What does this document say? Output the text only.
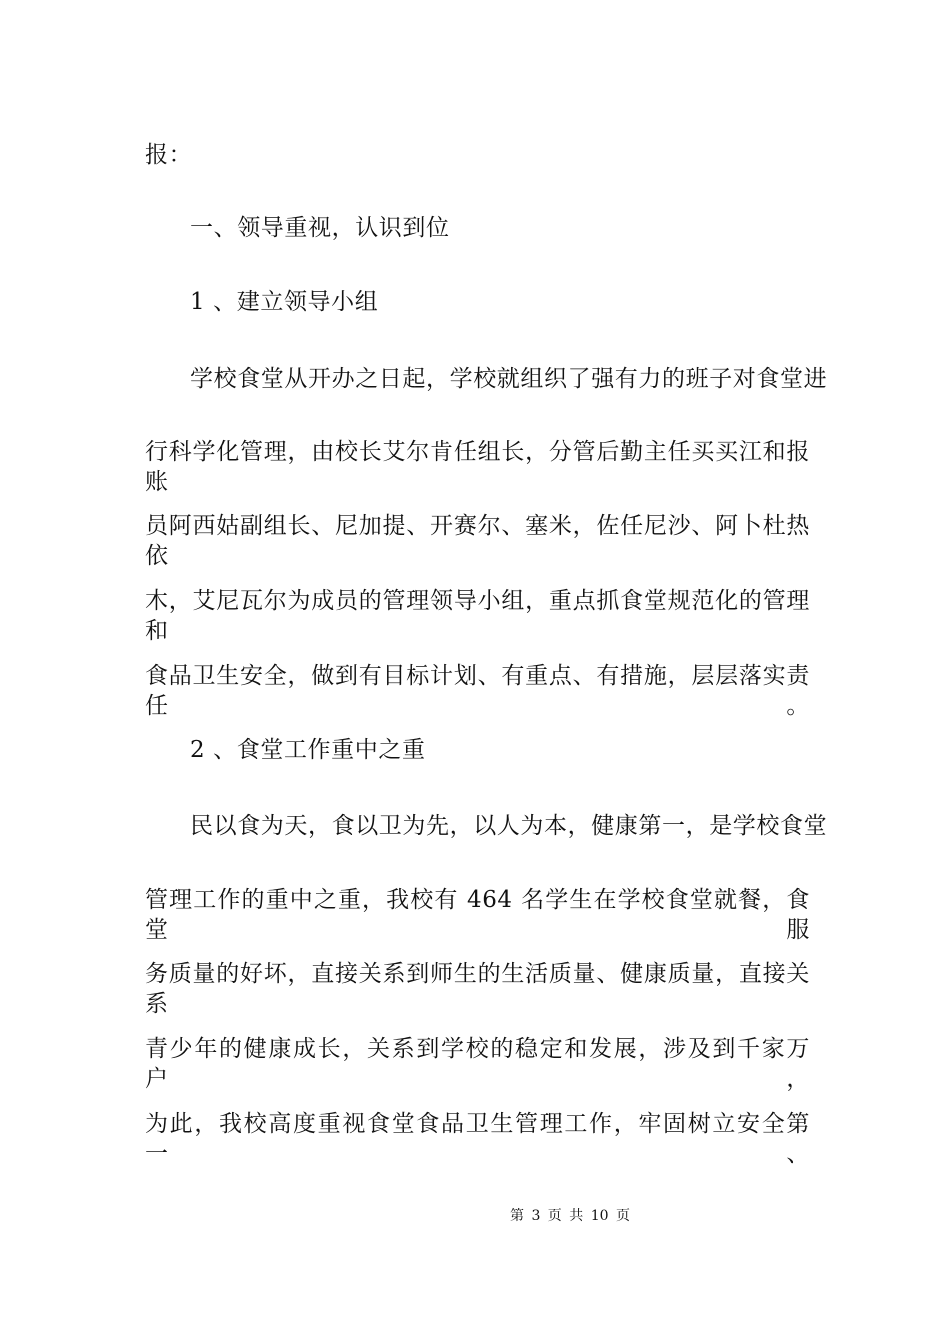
报：
一、领导重视，认识到位
1 、建立领导小组
学校食堂从开办之日起，学校就组织了强有力的班子对食堂进
行科学化管理，由校长艾尔肯任组长，分管后勤主任买买江和报账
员阿西姑副组长、尼加提、开赛尔、塞米，佐任尼沙、阿卜杜热依
木，艾尼瓦尔为成员的管理领导小组，重点抓食堂规范化的管理和
食品卫生安全，做到有目标计划、有重点、有措施，层层落实责任。
2 、食堂工作重中之重
民以食为天，食以卫为先，以人为本，健康第一，是学校食堂
管理工作的重中之重，我校有 464 名学生在学校食堂就餐，食堂服
务质量的好坏，直接关系到师生的生活质量、健康质量，直接关系
青少年的健康成长，关系到学校的稳定和发展，涉及到千家万户，
为此，我校高度重视食堂食品卫生管理工作，牢固树立安全第一、
第 3 页 共 10 页
